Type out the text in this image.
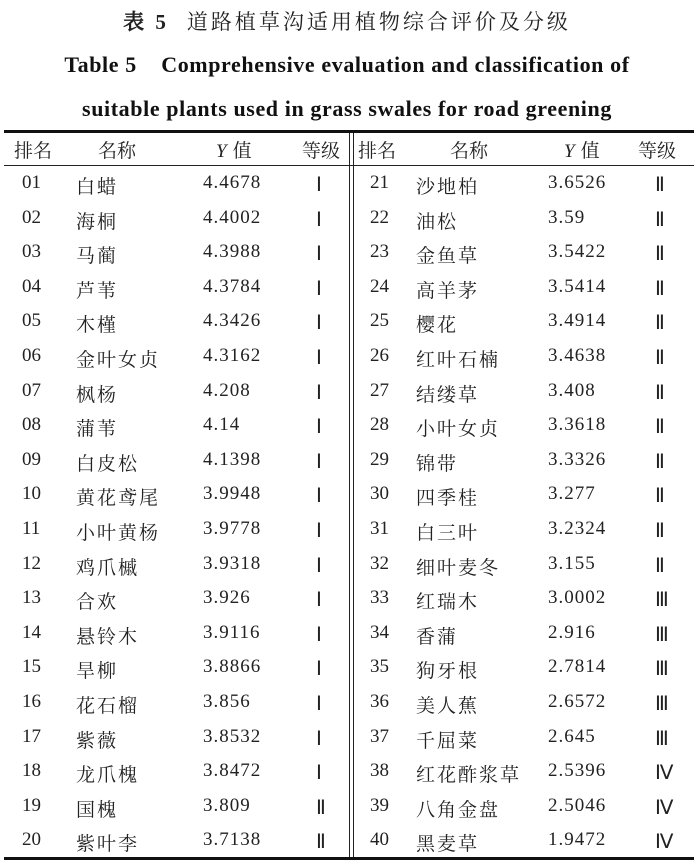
表 5 道路植草沟适用植物综合评价及分级
Table 5    Comprehensive evaluation and classification of
suitable plants used in grass swales for road greening
排名 名称	Y 值	等级 排名	名称	Y 值 等级
01 白蜡	4.4678	Ⅰ
02 海桐	4.4002	Ⅰ
03 马蔺	4.3988	Ⅰ
04 芦苇	4.3784	Ⅰ
05 木槿	4.3426	Ⅰ
06 金叶女贞 4.3162	Ⅰ
07 枫杨	4.208	Ⅰ
08 蒲苇	4.14	Ⅰ
09 白皮松	4.1398	Ⅰ
10 黄花鸢尾 3.9948	Ⅰ
11 小叶黄杨 3.9778	Ⅰ
12 鸡爪槭	3.9318	Ⅰ
13 合欢	3.926	Ⅰ
14 悬铃木	3.9116	Ⅰ
15 旱柳	3.8866	Ⅰ
16 花石榴	3.856	Ⅰ
17 紫薇	3.8532	Ⅰ
18 龙爪槐	3.8472	Ⅰ
19 国槐	3.809	Ⅱ
20 紫叶李	3.7138	Ⅱ
21 沙地柏	3.6526 Ⅱ
22 油松	3.59	Ⅱ
23 金鱼草	3.5422 Ⅱ
24 高羊茅	3.5414 Ⅱ
25 樱花	3.4914 Ⅱ
26 红叶石楠	3.4638 Ⅱ
27 结缕草	3.408	Ⅱ
28 小叶女贞	3.3618 Ⅱ
29 锦带	3.3326 Ⅱ
30 四季桂	3.277	Ⅱ
31 白三叶	3.2324 Ⅱ
32 细叶麦冬	3.155	Ⅱ
33 红瑞木	3.0002 Ⅲ
34 香蒲	2.916	Ⅲ
35 狗牙根	2.7814 Ⅲ
36 美人蕉	2.6572 Ⅲ
37 千屈菜	2.645	Ⅲ
38 红花酢浆草 2.5396 Ⅳ
39 八角金盘	2.5046 Ⅳ
40 黑麦草	1.9472 Ⅳ
